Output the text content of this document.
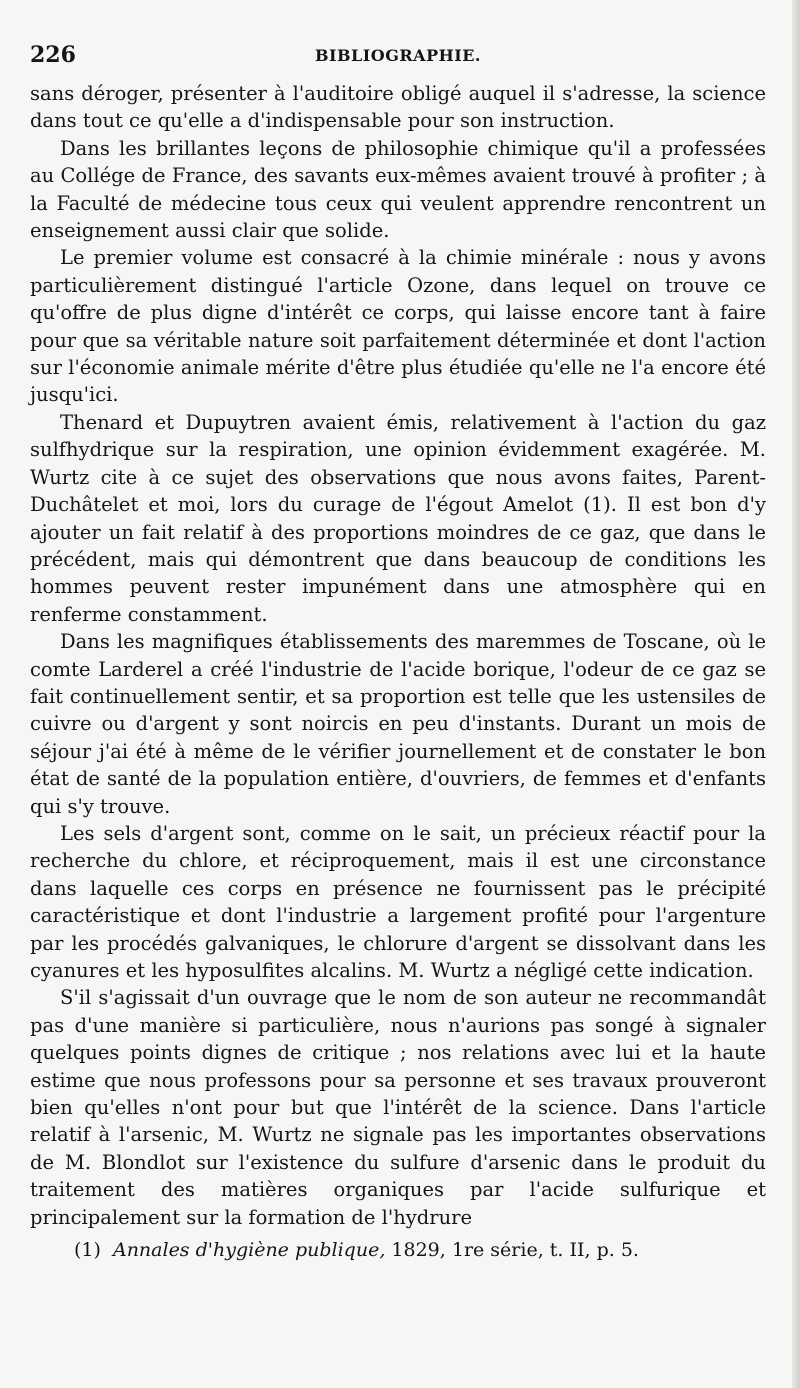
226	BIBLIOGRAPHIE.

sans déroger, présenter à l'auditoire obligé auquel il s'adresse, la science dans tout ce qu'elle a d'indispensable pour son instruction.

Dans les brillantes leçons de philosophie chimique qu'il a professées au Collége de France, des savants eux-mêmes avaient trouvé à profiter ; à la Faculté de médecine tous ceux qui veulent apprendre rencontrent un enseignement aussi clair que solide.

Le premier volume est consacré à la chimie minérale : nous y avons particulièrement distingué l'article Ozone, dans lequel on trouve ce qu'offre de plus digne d'intérêt ce corps, qui laisse encore tant à faire pour que sa véritable nature soit parfaitement déterminée et dont l'action sur l'économie animale mérite d'être plus étudiée qu'elle ne l'a encore été jusqu'ici.

Thenard et Dupuytren avaient émis, relativement à l'action du gaz sulfhydrique sur la respiration, une opinion évidemment exagérée. M. Wurtz cite à ce sujet des observations que nous avons faites, Parent-Duchâtelet et moi, lors du curage de l'égout Amelot (1). Il est bon d'y ajouter un fait relatif à des proportions moindres de ce gaz, que dans le précédent, mais qui démontrent que dans beaucoup de conditions les hommes peuvent rester impunément dans une atmosphère qui en renferme constamment.

Dans les magnifiques établissements des maremmes de Toscane, où le comte Larderel a créé l'industrie de l'acide borique, l'odeur de ce gaz se fait continuellement sentir, et sa proportion est telle que les ustensiles de cuivre ou d'argent y sont noircis en peu d'instants. Durant un mois de séjour j'ai été à même de le vérifier journellement et de constater le bon état de santé de la population entière, d'ouvriers, de femmes et d'enfants qui s'y trouve.

Les sels d'argent sont, comme on le sait, un précieux réactif pour la recherche du chlore, et réciproquement, mais il est une circonstance dans laquelle ces corps en présence ne fournissent pas le précipité caractéristique et dont l'industrie a largement profité pour l'argenture par les procédés galvaniques, le chlorure d'argent se dissolvant dans les cyanures et les hyposulfites alcalins. M. Wurtz a négligé cette indication.

S'il s'agissait d'un ouvrage que le nom de son auteur ne recommandât pas d'une manière si particulière, nous n'aurions pas songé à signaler quelques points dignes de critique ; nos relations avec lui et la haute estime que nous professons pour sa personne et ses travaux prouveront bien qu'elles n'ont pour but que l'intérêt de la science. Dans l'article relatif à l'arsenic, M. Wurtz ne signale pas les importantes observations de M. Blondlot sur l'existence du sulfure d'arsenic dans le produit du traitement des matières organiques par l'acide sulfurique et principalement sur la formation de l'hydrure

(1) Annales d'hygiène publique, 1829, 1re série, t. II, p. 5.
